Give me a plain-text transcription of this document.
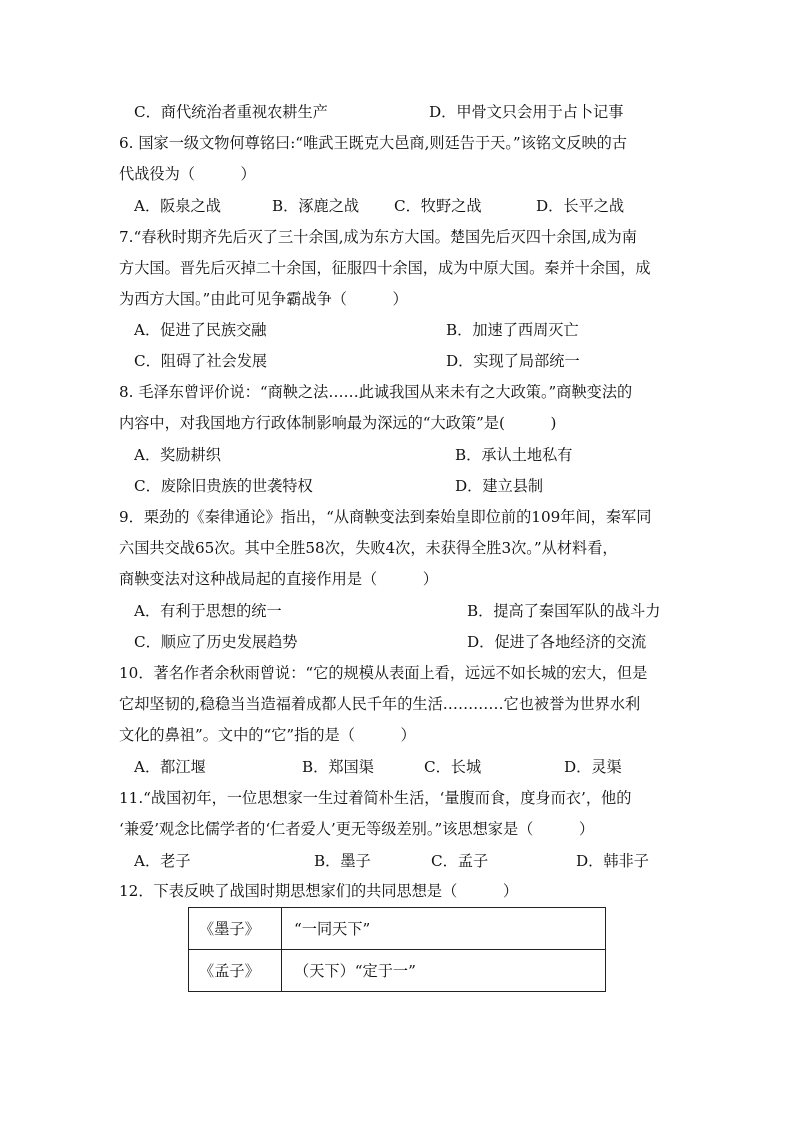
C．商代统治者重视农耕生产	D．甲骨文只会用于占卜记事
6. 国家一级文物何尊铭曰:“唯武王既克大邑商,则廷告于天。”该铭文反映的古
代战役为（　　　）
A．阪泉之战	B．涿鹿之战 C．牧野之战	D．长平之战
7.“春秋时期齐先后灭了三十余国,成为东方大国。楚国先后灭四十余国,成为南
方大国。晋先后灭掉二十余国，征服四十余国，成为中原大国。秦并十余国，成
为西方大国。”由此可见争霸战争（　　　）
A．促进了民族交融	B．加速了西周灭亡
C．阻碍了社会发展	D．实现了局部统一
8. 毛泽东曾评价说：“商鞅之法……此诚我国从来未有之大政策。”商鞅变法的
内容中，对我国地方行政体制影响最为深远的“大政策”是(　　　)
A．奖励耕织	B．承认土地私有
C．废除旧贵族的世袭特权	D．建立县制
9．栗劲的《秦律通论》指出，“从商鞅变法到秦始皇即位前的109年间，秦军同
六国共交战65次。其中全胜58次，失败4次，未获得全胜3次。”从材料看，
商鞅变法对这种战局起的直接作用是（　　　）
A．有利于思想的统一	B．提高了秦国军队的战斗力
C．顺应了历史发展趋势	D．促进了各地经济的交流
10．著名作者余秋雨曾说：“它的规模从表面上看，远远不如长城的宏大，但是
它却坚韧的,稳稳当当造福着成都人民千年的生活…………它也被誉为世界水利
文化的鼻祖”。文中的“它”指的是（　　　）
A．都江堰	B．郑国渠	C．长城	D．灵渠
11.“战国初年，一位思想家一生过着简朴生活，‘量腹而食，度身而衣’，他的
‘兼爱’观念比儒学者的‘仁者爱人’更无等级差别。”该思想家是（　　　）
A．老子	B．墨子	C．孟子	D．韩非子
12．下表反映了战国时期思想家们的共同思想是（　　　）
《墨子》	“一同天下”
《孟子》	（天下）“定于一”
